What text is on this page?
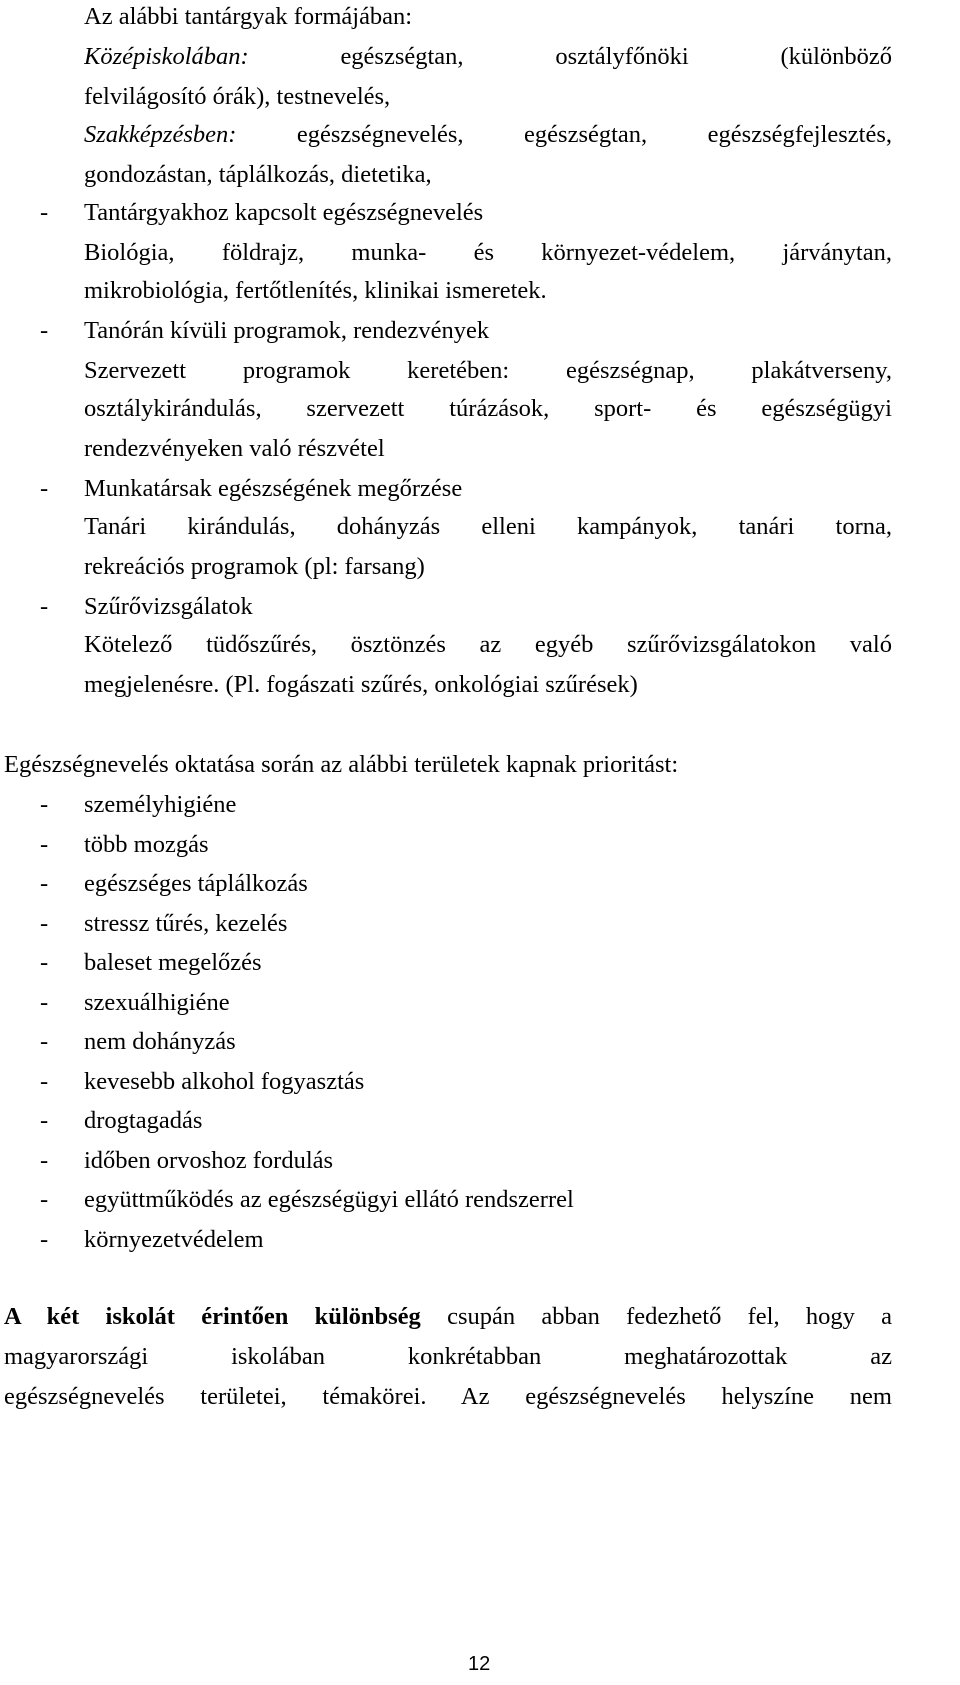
Az alábbi tantárgyak formájában:
Középiskolában:	egészségtan,	osztályfőnöki	(különböző
felvilágosító órák), testnevelés,
Szakképzésben: egészségnevelés, egészségtan, egészségfejlesztés,
gondozástan, táplálkozás, dietetika,
- Tantárgyakhoz kapcsolt egészségnevelés
Biológia, földrajz, munka- és környezet-védelem, járványtan,
mikrobiológia, fertőtlenítés, klinikai ismeretek.
- Tanórán kívüli programok, rendezvények
Szervezett programok keretében: egészségnap, plakátverseny,
osztálykirándulás, szervezett túrázások, sport- és egészségügyi
rendezvényeken való részvétel
- Munkatársak egészségének megőrzése
Tanári kirándulás, dohányzás elleni kampányok, tanári torna,
rekreációs programok (pl: farsang)
- Szűrővizsgálatok
Kötelező tüdőszűrés, ösztönzés az egyéb szűrővizsgálatokon való
megjelenésre. (Pl. fogászati szűrés, onkológiai szűrések)
Egészségnevelés oktatása során az alábbi területek kapnak prioritást:
- személyhigiéne
- több mozgás
- egészséges táplálkozás
- stressz tűrés, kezelés
- baleset megelőzés
- szexuálhigiéne
- nem dohányzás
- kevesebb alkohol fogyasztás
- drogtagadás
- időben orvoshoz fordulás
- együttműködés az egészségügyi ellátó rendszerrel
- környezetvédelem
A két iskolát érintően különbség csupán abban fedezhető fel, hogy a
magyarországi iskolában konkrétabban meghatározottak az
egészségnevelés területei, témakörei. Az egészségnevelés helyszíne nem
12
